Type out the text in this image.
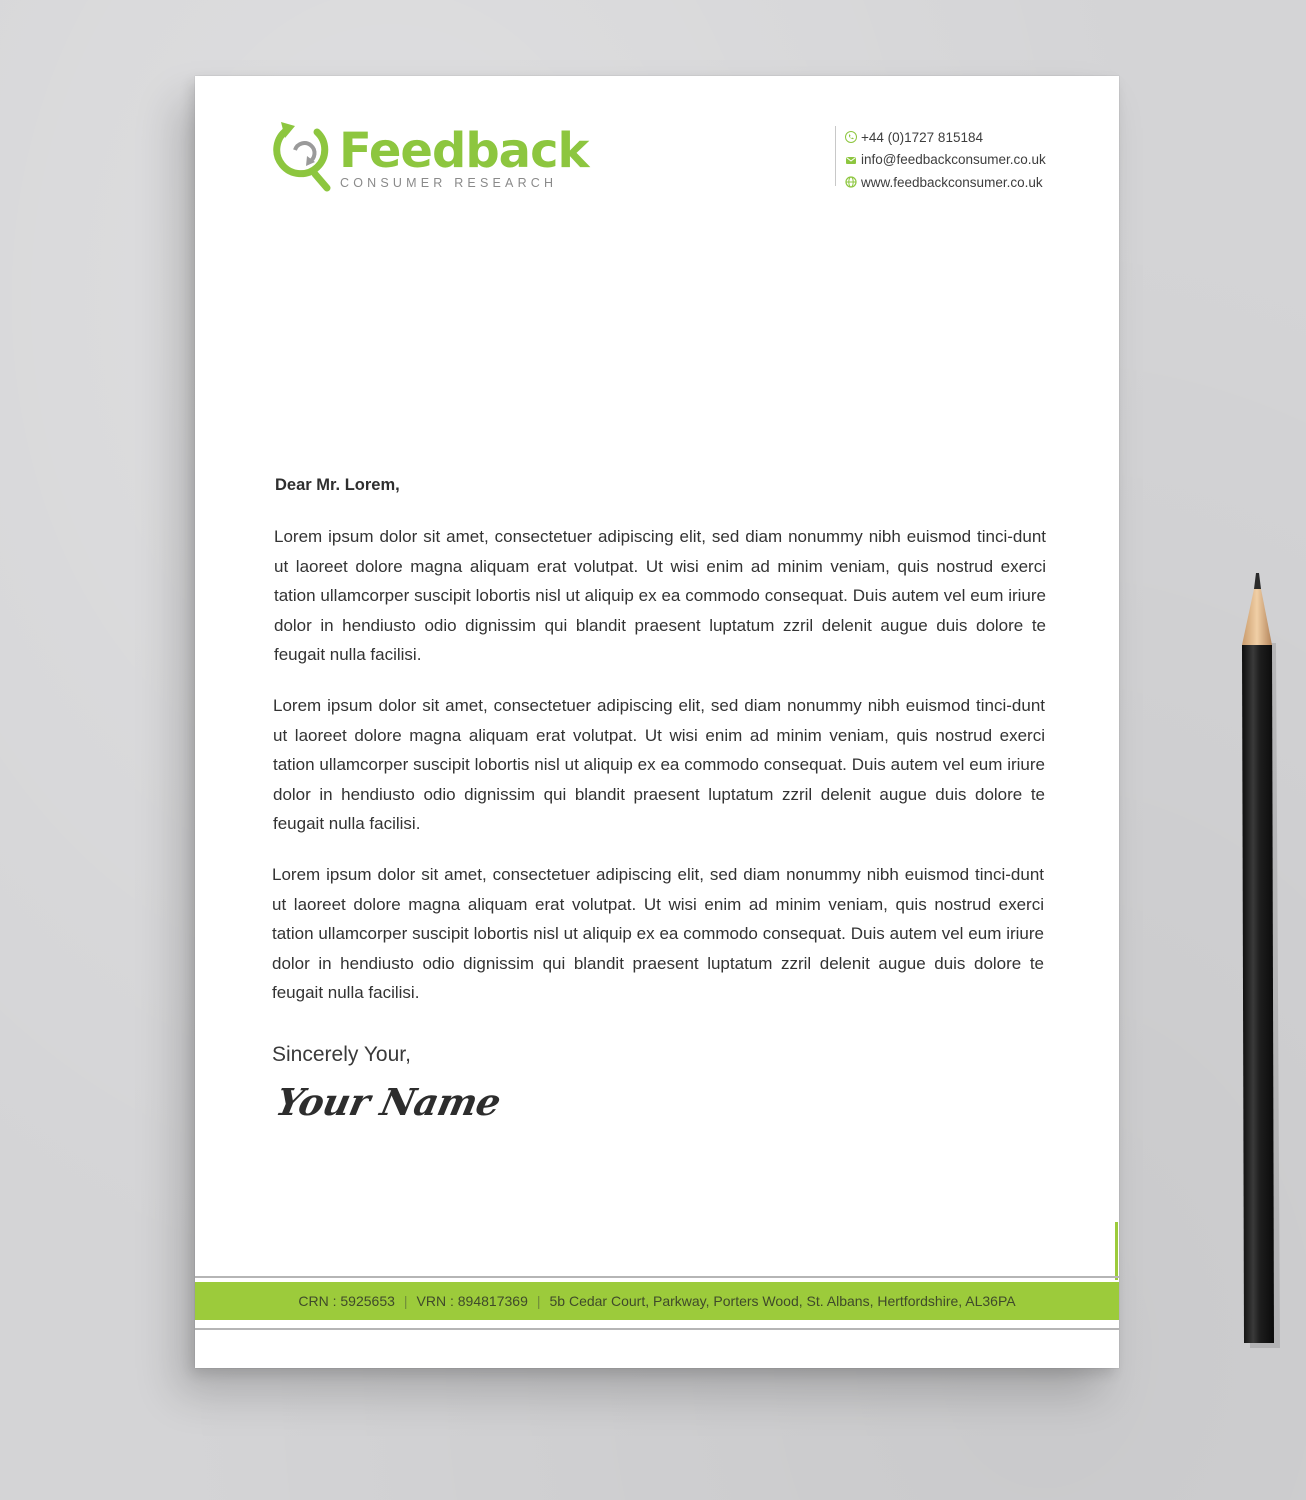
Feedback
CONSUMER RESEARCH
+44 (0)1727 815184
info@feedbackconsumer.co.uk
www.feedbackconsumer.co.uk
Dear Mr. Lorem,

Lorem ipsum dolor sit amet, consectetuer adipiscing elit, sed diam nonummy nibh euismod tinci-dunt ut laoreet dolore magna aliquam erat volutpat. Ut wisi enim ad minim veniam, quis nostrud exerci tation ullamcorper suscipit lobortis nisl ut aliquip ex ea commodo consequat. Duis autem vel eum iriure dolor in hendiusto odio dignissim qui blandit praesent luptatum zzril delenit augue duis dolore te feugait nulla facilisi.

Lorem ipsum dolor sit amet, consectetuer adipiscing elit, sed diam nonummy nibh euismod tinci-dunt ut laoreet dolore magna aliquam erat volutpat. Ut wisi enim ad minim veniam, quis nostrud exerci tation ullamcorper suscipit lobortis nisl ut aliquip ex ea commodo consequat. Duis autem vel eum iriure dolor in hendiusto odio dignissim qui blandit praesent luptatum zzril delenit augue duis dolore te feugait nulla facilisi.

Lorem ipsum dolor sit amet, consectetuer adipiscing elit, sed diam nonummy nibh euismod tinci-dunt ut laoreet dolore magna aliquam erat volutpat. Ut wisi enim ad minim veniam, quis nostrud exerci tation ullamcorper suscipit lobortis nisl ut aliquip ex ea commodo consequat. Duis autem vel eum iriure dolor in hendiusto odio dignissim qui blandit praesent luptatum zzril delenit augue duis dolore te feugait nulla facilisi.

Sincerely Your,
Your Name
CRN : 5925653 | VRN : 894817369 | 5b Cedar Court, Parkway, Porters Wood, St. Albans, Hertfordshire, AL36PA
